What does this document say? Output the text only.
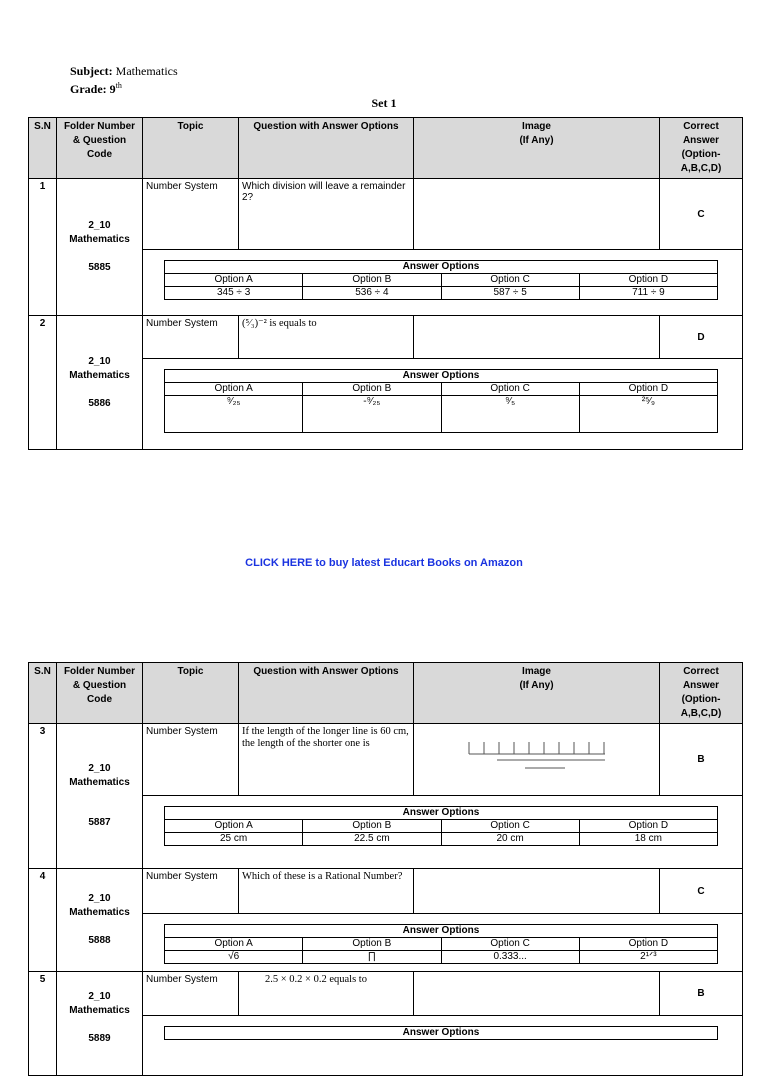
Subject: Mathematics
Grade: 9th
Set 1
S.N	Folder Number
& Question
Code	Topic	Question with Answer Options	Image
(If Any)	Correct
Answer
(Option-
A,B,C,D)
1	2_10
Mathematics
5885
	Number System	Which division will leave a remainder 2?		C

Answer Options
Option A	Option B	Option C	Option D
345 ÷ 3	536 ÷ 4	587 ÷ 5	711 ÷ 9

2	2_10
Mathematics
5886
	Number System	(⁵⁄₃)⁻² is equals to		D

Answer Options
Option A	Option B	Option C	Option D
⁹⁄₂₅	-⁹⁄₂₅	⁹⁄₅	²⁵⁄₉
CLICK HERE to buy latest Educart Books on Amazon
S.N	Folder Number
& Question
Code	Topic	Question with Answer Options	Image
(If Any)	Correct
Answer
(Option-
A,B,C,D)
3	2_10
Mathematics
5887
	Number System	If the length of the longer line is 60 cm, the length of the shorter one is	
	B

Answer Options
Option A	Option B	Option C	Option D
25 cm	22.5 cm	20 cm	18 cm

4	2_10
Mathematics
5888
	Number System	Which of these is a Rational Number?		C

Answer Options
Option A	Option B	Option C	Option D
√6	∏	0.333...	2¹ᐟ³

5	2_10
Mathematics
5889
	Number System	2.5 × 0.2 × 0.2 equals to		B

Answer Options
